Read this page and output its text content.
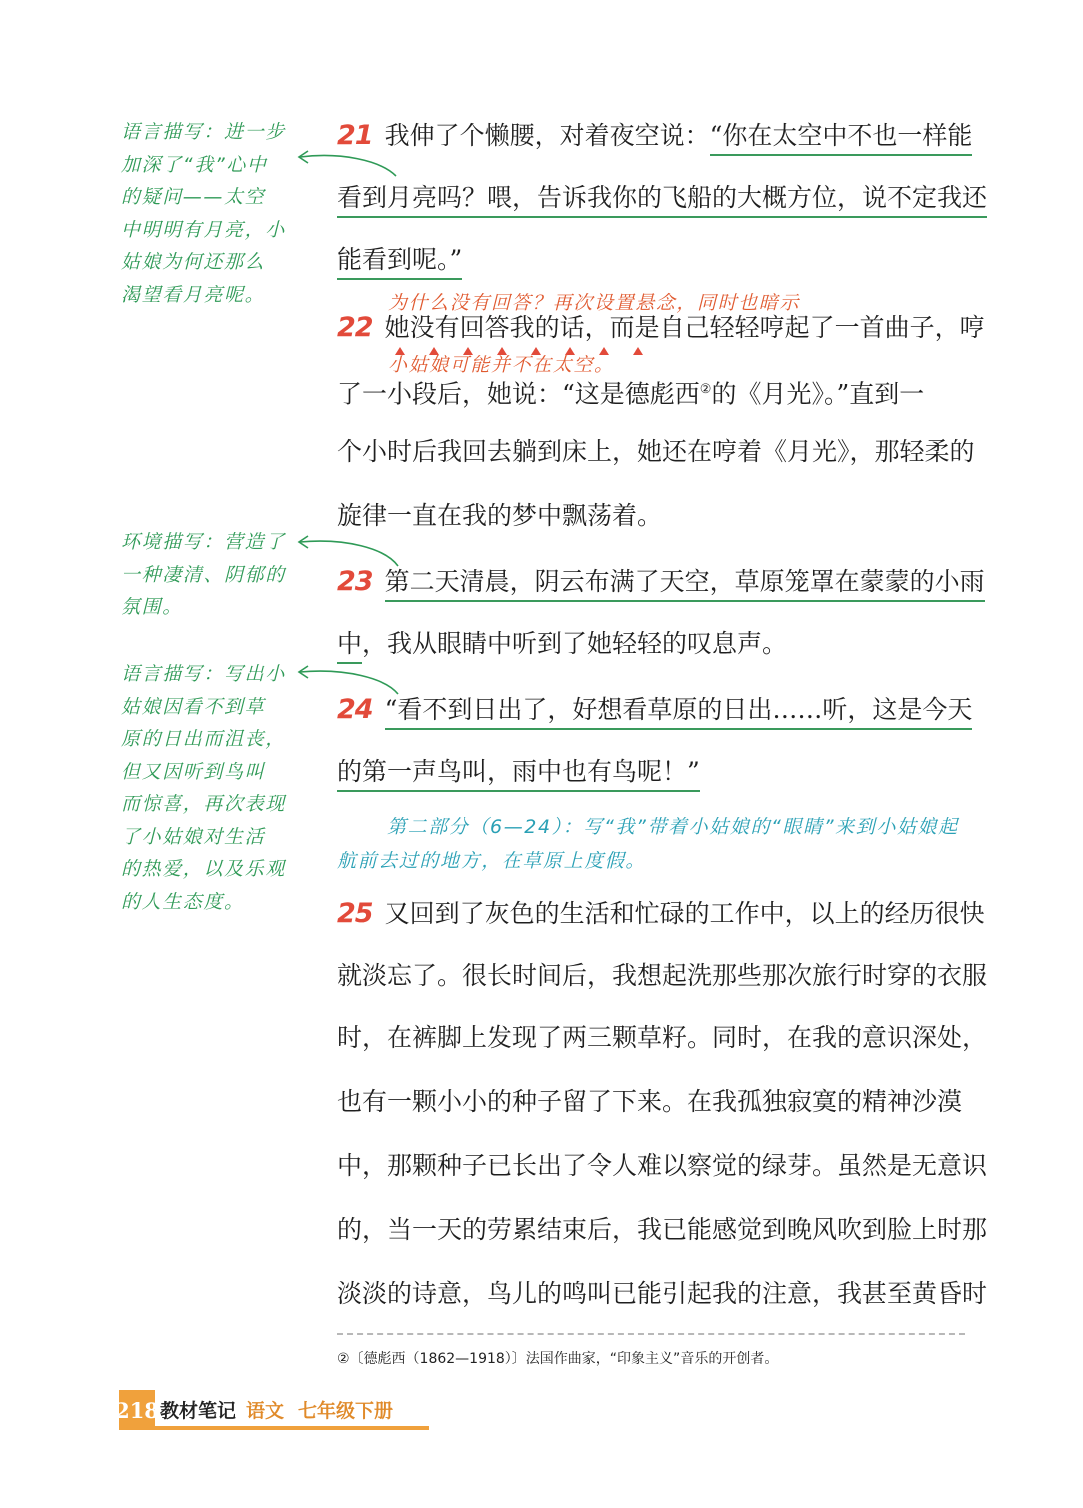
语言描写：进一步
加深了“我”心中
的疑问——太空
中明明有月亮，小
姑娘为何还那么
渴望看月亮呢。
环境描写：营造了
一种凄清、阴郁的
氛围。
语言描写：写出小
姑娘因看不到草
原的日出而沮丧，
但又因听到鸟叫
而惊喜，再次表现
了小姑娘对生活
的热爱，以及乐观
的人生态度。
21 我伸了个懒腰，对着夜空说：“你在太空中不也一样能
看到月亮吗？喂，告诉我你的飞船的大概方位，说不定我还
能看到呢。”
为什么没有回答？再次设置悬念，同时也暗示
22 她没有回答我的话，而是自己轻轻哼起了一首曲子，哼
小姑娘可能并不在太空。
了一小段后，她说：“这是德彪西②的《月光》。”直到一
个小时后我回去躺到床上，她还在哼着《月光》，那轻柔的
旋律一直在我的梦中飘荡着。
23 第二天清晨，阴云布满了天空，草原笼罩在蒙蒙的小雨
中，我从眼睛中听到了她轻轻的叹息声。
24 “看不到日出了，好想看草原的日出……听，这是今天
的第一声鸟叫，雨中也有鸟呢！”
第二部分（6—24）：写“我”带着小姑娘的“眼睛”来到小姑娘起航前去过的地方，在草原上度假。
25 又回到了灰色的生活和忙碌的工作中，以上的经历很快
就淡忘了。很长时间后，我想起洗那些那次旅行时穿的衣服
时，在裤脚上发现了两三颗草籽。同时，在我的意识深处，
也有一颗小小的种子留了下来。在我孤独寂寞的精神沙漠
中，那颗种子已长出了令人难以察觉的绿芽。虽然是无意识
的，当一天的劳累结束后，我已能感觉到晚风吹到脸上时那
淡淡的诗意，鸟儿的鸣叫已能引起我的注意，我甚至黄昏时
②〔德彪西（1862—1918）〕法国作曲家，“印象主义”音乐的开创者。
218 教材笔记 语文 七年级下册
